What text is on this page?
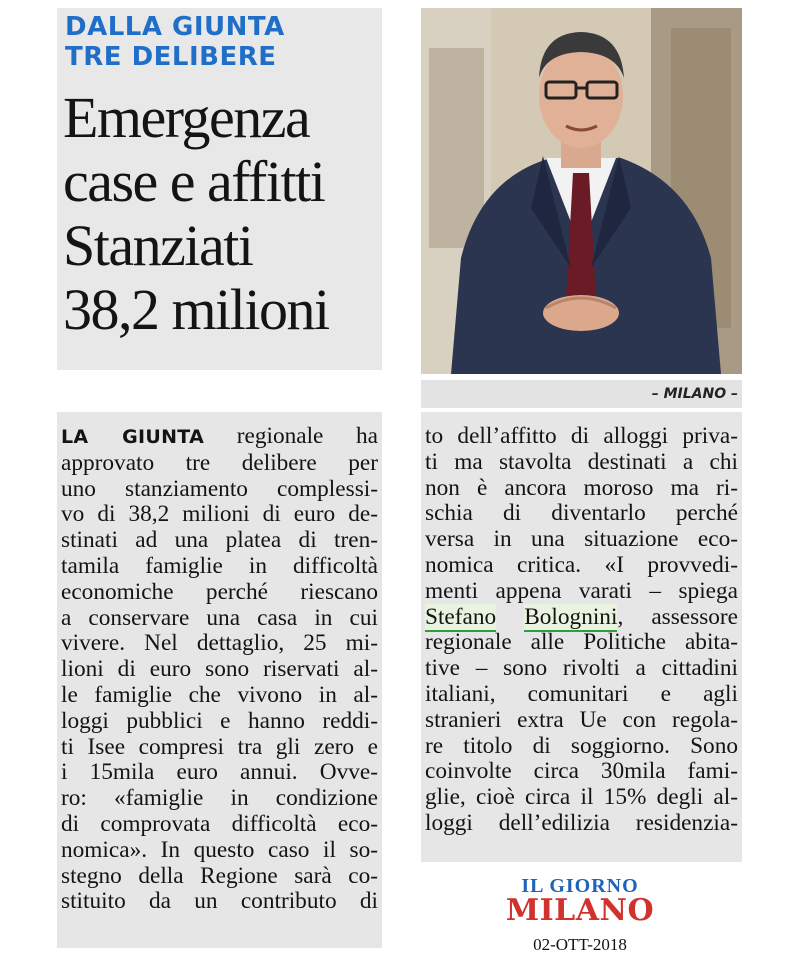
DALLA GIUNTA
TRE DELIBERE
Emergenza
case e affitti
Stanziati
38,2 milioni
– MILANO –

LA GIUNTA regionale ha
approvato tre delibere per
uno stanziamento complessi-
vo di 38,2 milioni di euro de-
stinati ad una platea di tren-
tamila famiglie in difficoltà
economiche perché riescano
a conservare una casa in cui
vivere. Nel dettaglio, 25 mi-
lioni di euro sono riservati al-
le famiglie che vivono in al-
loggi pubblici e hanno reddi-
ti Isee compresi tra gli zero e
i 15mila euro annui. Ovve-
ro: «famiglie in condizione
di comprovata difficoltà eco-
nomica». In questo caso il so-
stegno della Regione sarà co-
stituito da un contributo di

to dell’affitto di alloggi priva-
ti ma stavolta destinati a chi
non è ancora moroso ma ri-
schia di diventarlo perché
versa in una situazione eco-
nomica critica. «I provvedi-
menti appena varati – spiega
Stefano Bolognini, assessore
regionale alle Politiche abita-
tive – sono rivolti a cittadini
italiani, comunitari e agli
stranieri extra Ue con regola-
re titolo di soggiorno. Sono
coinvolte circa 30mila fami-
glie, cioè circa il 15% degli al-
loggi dell’edilizia residenzia-

IL GIORNO
MILANO
02-OTT-2018
